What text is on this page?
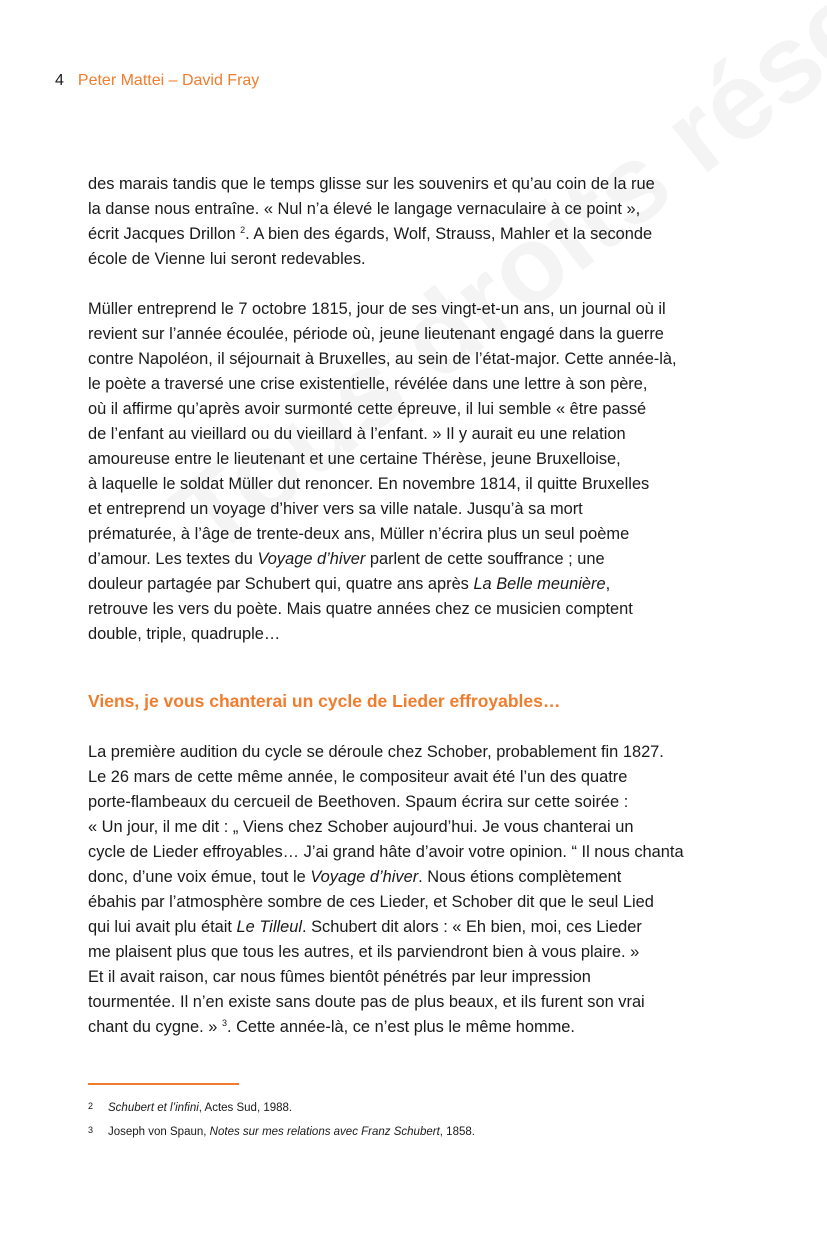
4 Peter Mattei – David Fray
des marais tandis que le temps glisse sur les souvenirs et qu’au coin de la rue
la danse nous entraîne. « Nul n’a élevé le langage vernaculaire à ce point »,
écrit Jacques Drillon $^2$. A bien des égards, Wolf, Strauss, Mahler et la seconde
école de Vienne lui seront redevables.
Müller entreprend le 7 octobre 1815, jour de ses vingt-et-un ans, un journal où il
revient sur l’année écoulée, période où, jeune lieutenant engagé dans la guerre
contre Napoléon, il séjournait à Bruxelles, au sein de l’état-major. Cette année-là,
le poète a traversé une crise existentielle, révélée dans une lettre à son père,
où il affirme qu’après avoir surmonté cette épreuve, il lui semble « être passé
de l’enfant au vieillard ou du vieillard à l’enfant. » Il y aurait eu une relation
amoureuse entre le lieutenant et une certaine Thérèse, jeune Bruxelloise,
à laquelle le soldat Müller dut renoncer. En novembre 1814, il quitte Bruxelles
et entreprend un voyage d’hiver vers sa ville natale. Jusqu’à sa mort
prématurée, à l’âge de trente-deux ans, Müller n’écrira plus un seul poème
d’amour. Les textes du Voyage d’hiver parlent de cette souffrance ; une
douleur partagée par Schubert qui, quatre ans après La Belle meunière,
retrouve les vers du poète. Mais quatre années chez ce musicien comptent
double, triple, quadruple…
Viens, je vous chanterai un cycle de Lieder effroyables…
La première audition du cycle se déroule chez Schober, probablement fin 1827.
Le 26 mars de cette même année, le compositeur avait été l’un des quatre
porte-flambeaux du cercueil de Beethoven. Spaum écrira sur cette soirée :
« Un jour, il me dit : „ Viens chez Schober aujourd’hui. Je vous chanterai un
cycle de Lieder effroyables… J’ai grand hâte d’avoir votre opinion. “ Il nous chanta
donc, d’une voix émue, tout le Voyage d’hiver. Nous étions complètement
ébahis par l’atmosphère sombre de ces Lieder, et Schober dit que le seul Lied
qui lui avait plu était Le Tilleul. Schubert dit alors : « Eh bien, moi, ces Lieder
me plaisent plus que tous les autres, et ils parviendront bien à vous plaire. »
Et il avait raison, car nous fûmes bientôt pénétrés par leur impression
tourmentée. Il n’en existe sans doute pas de plus beaux, et ils furent son vrai
chant du cygne. » $^3$. Cette année-là, ce n’est plus le même homme.
2 Schubert et l’infini, Actes Sud, 1988.
3 Joseph von Spaun, Notes sur mes relations avec Franz Schubert, 1858.
